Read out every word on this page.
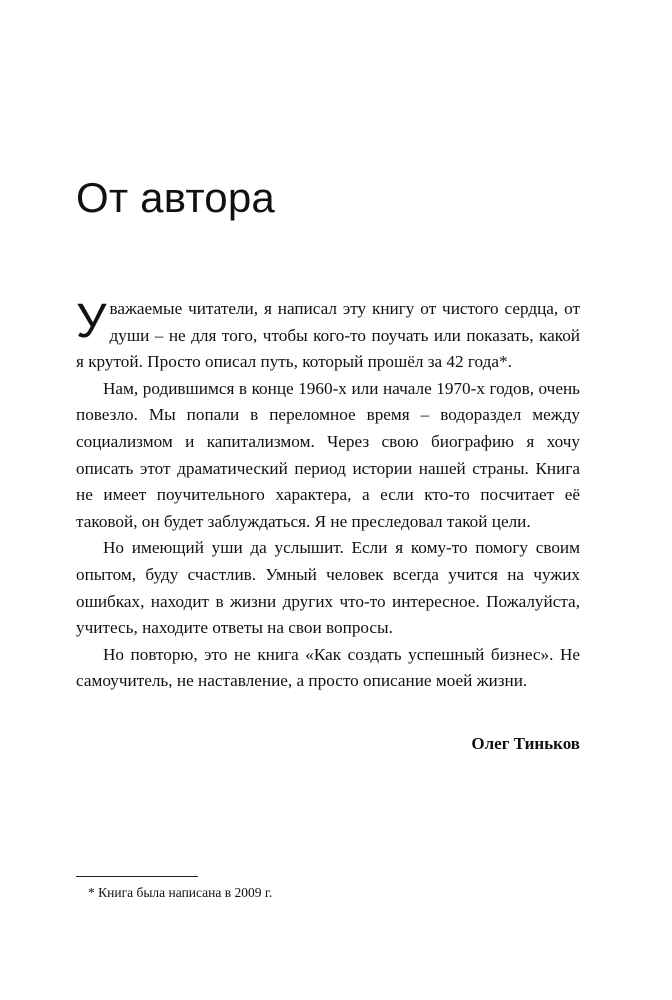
От автора

Уважаемые читатели, я написал эту книгу от чистого сердца, от души – не для того, чтобы кого-то поучать или показать, какой я крутой. Просто описал путь, который прошёл за 42 года*.

Нам, родившимся в конце 1960-х или начале 1970-х годов, очень повезло. Мы попали в переломное время – водораздел между социализмом и капитализмом. Через свою биографию я хочу описать этот драматический период истории нашей страны. Книга не имеет поучительного характера, а если кто-то посчитает её таковой, он будет заблуждаться. Я не преследовал такой цели.

Но имеющий уши да услышит. Если я кому-то помогу своим опытом, буду счастлив. Умный человек всегда учится на чужих ошибках, находит в жизни других что-то интересное. Пожалуйста, учитесь, находите ответы на свои вопросы.

Но повторю, это не книга «Как создать успешный бизнес». Не самоучитель, не наставление, а просто описание моей жизни.

Олег Тиньков
* Книга была написана в 2009 г.
